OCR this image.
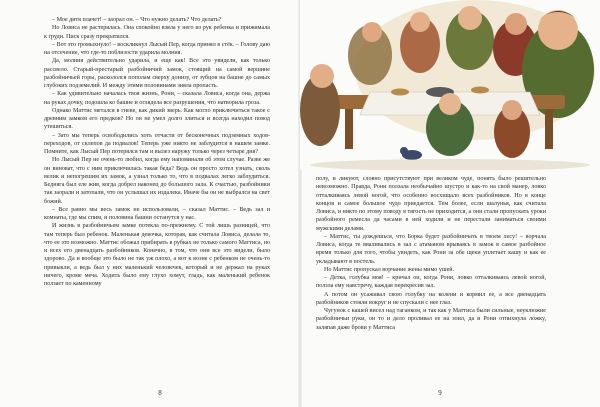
– Мое дитя плачет! – заорал он. – Что нужно делать? Что делать?

Но Ловиса не растерялась. Она спокойно взяла у него из рук ребенка и прижимала к груди. Писк сразу прекратился.

– Вот это громыхнуло! – воскликнул Лысый Пер, когда принял в стёк. – Голову даю на отсечение, что где-то поблизости ударила молния.

Да, молния действительно ударила, и еще как! Все это увидели, как только рассвело. Старый-престарый разбойничий замок, стоящий на самой вершине разбойничьей горы, раскололся пополам сверху донизу, от зубцов на башне до самых глубоких подземелий. И между этими половинами зияла пропасть.

– Как удивительно началась твоя жизнь, Рони, – сказала Ловиса, когда она, держа на руках дочку, подошла ко башне и оглядела все разрушения, что натворила гроза.

Однако Маттис метался в гневе, как дикий зверь. Как могло приключиться такое с древним замком его предков? Но он не умел долго злиться и всегда находил повод утешиться.

– Зато мы теперь освободились хоть отчасти от бесконечных подземных ходов-переходов, от склепов да подвалов! Теперь уже никто не заблудится в нашем замке. Помните, как Лысый Пер потерялся там и вылез наружу только через четыре дня?

Но Лысый Пер не очень-то любил, когда ему напоминали об этом случае. Разве же он виноват, что с ним приключилась такая беда? Ведь он просто хотел узнать, сколь велик и непогрешим их замок, а узнал только то, что в подвалах легко заблудиться. Бедняга был еле жив, когда добрел наконец до большого зала. К счастью, разбойники так заорали и затопали, что он услышал их издалека. Иначе бы он не выбрался на свет божий.

– Все равно мы весь замок не использовали, – сказал Маттис. – Ведь зал и комнаты, где мы спим, и половина башни останутся у нас.

И жизнь в разбойничьем замке потекла по-прежнему. С той лишь разницей, что там теперь был ребенок. Маленькая девочка, которая, как считала Ловиса, делала то, что ее это возможно. Маттис обожал прибирать в рубках не только самого Маттиса, но и всех его двенадцать разбойников. Конечно, в том, что они все это видели, было здорово. Да и вообще это было не так уж плохо, а вот к возне с ребенком не очень-то привыкли, а ведь был у них маленький человечек, который и не держал на руках ничего, кроме меча. Ходить было ему глухо хомут, гладь, как маленький ребенок ползает по каменному

8

полу, и ликуют, словно присутствуют при великом чуде, понять было решительно невозможно. Правда, Рони ползала необычайно шустро и как-то на свой манер, ловко отталкиваясь левой ногой, что особенно восхищало всех разбойников. Но в конце концов и самое большое чудо приедается. Тем более, если шалунья, как считала Ловиса, и никто по этому поводу в тягость не приходится, а они стали пропускать уроки разбойного ремесла да часами в ней ходили и не перестали заниматься своими мужскими делами.

– Маттис, ты дождешься, что Борка будет разбойничать в твоем лесу! – ворчала Ловиса, когда те вваливались в зал с атаманом врываясь в замок в самое разбойное время только для того, чтобы увидеть, как Рони за обе щеки уплетает кашу и как ее укладывают в постель.

Но Маттис пропускал ворчание жены мимо ушей.

– Детка, голубка моя! – кричал он, когда Рони, ловко отталкиваясь левой ногой, ползла ему навстречу, каждая перекресив зал.

А потом он усаживал свою голубку на колени и кормил ее, а все двенадцать разбойников стояли вокруг и не спускали с нее глаз.

Чугунок с кашей висел над таганком, и так как у Маттиса были сильные, неуклюжие разбойничьи руки, он то и дело проливал ее на зоил, да и Рони отпихнула ложку, заляпав даже брови у Маттиса

9
